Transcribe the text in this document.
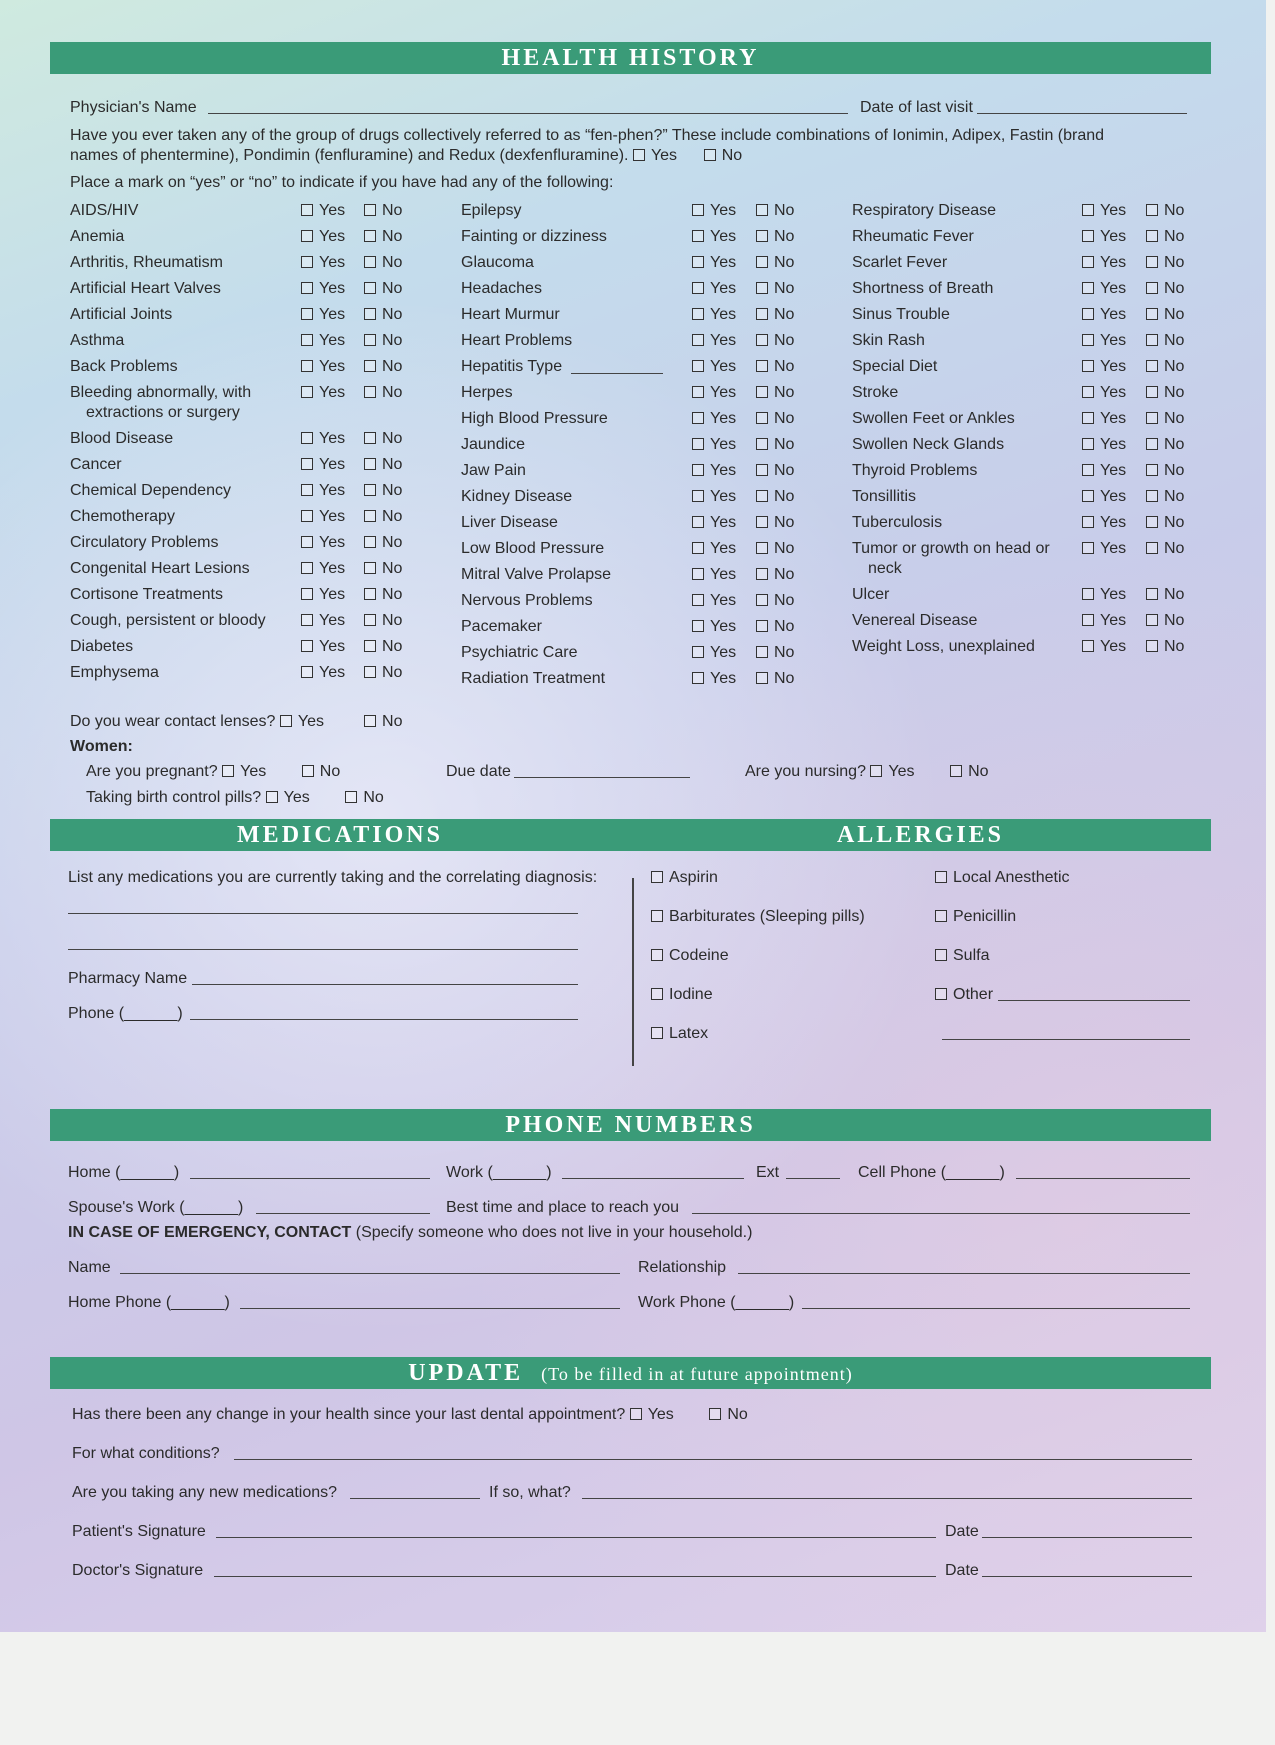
HEALTH HISTORY
Physician's Name	Date of last visit
Have you ever taken any of the group of drugs collectively referred to as “fen-phen?” These include combinations of Ionimin, Adipex, Fastin (brand
names of phentermine), Pondimin (fenfluramine) and Redux (dexfenfluramine). Yes	No
Place a mark on “yes” or “no” to indicate if you have had any of the following:
Do you wear contact lenses? Yes	No
Women:
Are you pregnant? Yes	No	Due date	Are you nursing? Yes	No
Taking birth control pills? Yes	No
MEDICATIONS	ALLERGIES
List any medications you are currently taking and the correlating diagnosis:
Pharmacy Name
Phone (______)
PHONE NUMBERS
Home (______)	Work (______)	Ext	Cell Phone (______)
Spouse's Work (______)	Best time and place to reach you
IN CASE OF EMERGENCY, CONTACT (Specify someone who does not live in your household.)
Name	Relationship
Home Phone (______)	Work Phone (______)
UPDATE (To be filled in at future appointment)
Has there been any change in your health since your last dental appointment? Yes	No
For what conditions?
Are you taking any new medications?	If so, what?
Patient's Signature	Date
Doctor's Signature	Date
AIDS/HIV	Yes	No
Anemia	Yes	No
Arthritis, Rheumatism	Yes	No
Artificial Heart Valves	Yes	No
Artificial Joints	Yes	No
Asthma	Yes	No
Back Problems	Yes	No
Bleeding abnormally, with	Yes	No
extractions or surgery
Blood Disease	Yes	No
Cancer	Yes	No
Chemical Dependency	Yes	No
Chemotherapy	Yes	No
Circulatory Problems	Yes	No
Congenital Heart Lesions	Yes	No
Cortisone Treatments	Yes	No
Cough, persistent or bloody	Yes	No
Diabetes	Yes	No
Emphysema	Yes	No
Epilepsy	Yes	No
Fainting or dizziness	Yes	No
Glaucoma	Yes	No
Headaches	Yes	No
Heart Murmur	Yes	No
Heart Problems	Yes	No
Hepatitis Type	Yes	No
Herpes	Yes	No
High Blood Pressure	Yes	No
Jaundice	Yes	No
Jaw Pain	Yes	No
Kidney Disease	Yes	No
Liver Disease	Yes	No
Low Blood Pressure	Yes	No
Mitral Valve Prolapse	Yes	No
Nervous Problems	Yes	No
Pacemaker	Yes	No
Psychiatric Care	Yes	No
Radiation Treatment	Yes	No
Respiratory Disease	Yes	No
Rheumatic Fever	Yes	No
Scarlet Fever	Yes	No
Shortness of Breath	Yes	No
Sinus Trouble	Yes	No
Skin Rash	Yes	No
Special Diet	Yes	No
Stroke	Yes	No
Swollen Feet or Ankles	Yes	No
Swollen Neck Glands	Yes	No
Thyroid Problems	Yes	No
Tonsillitis	Yes	No
Tuberculosis	Yes	No
Tumor or growth on head or	Yes	No
neck
Ulcer	Yes	No
Venereal Disease	Yes	No
Weight Loss, unexplained	Yes	No
Aspirin
Barbiturates (Sleeping pills)
Codeine
Iodine
Latex
Local Anesthetic
Penicillin
Sulfa
Other
